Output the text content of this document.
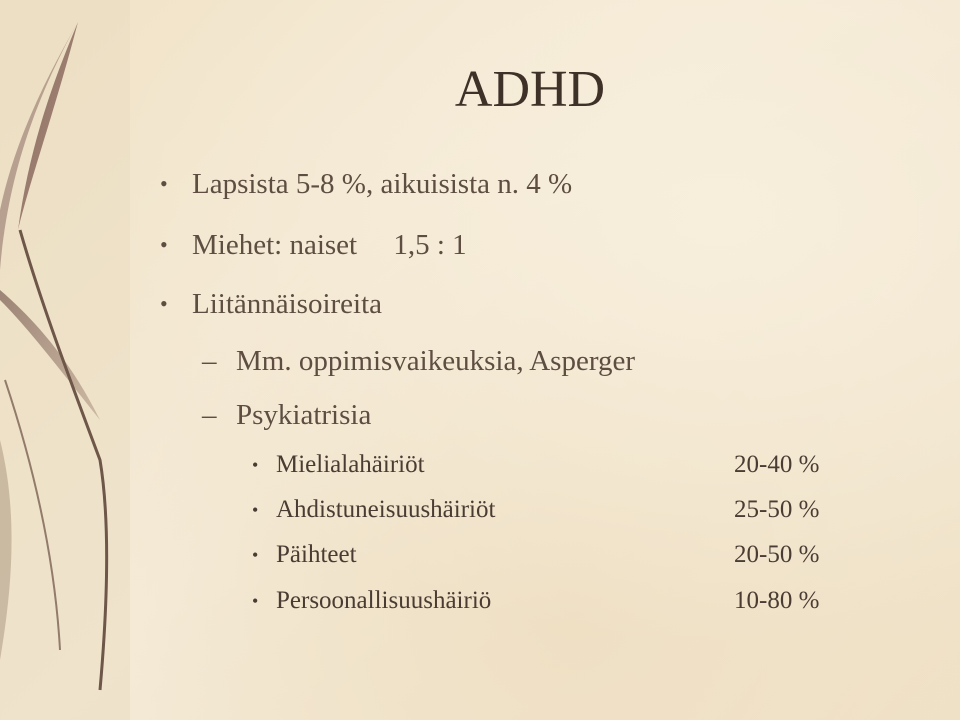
ADHD
• Lapsista 5-8 %, aikuisista n. 4 %
• Miehet: naiset     1,5 : 1
• Liitännäisoireita
– Mm. oppimisvaikeuksia, Asperger
– Psykiatrisia
• Mielialahäiriöt	20-40 %
• Ahdistuneisuushäiriöt	25-50 %
• Päihteet	20-50 %
• Persoonallisuushäiriö	10-80 %
